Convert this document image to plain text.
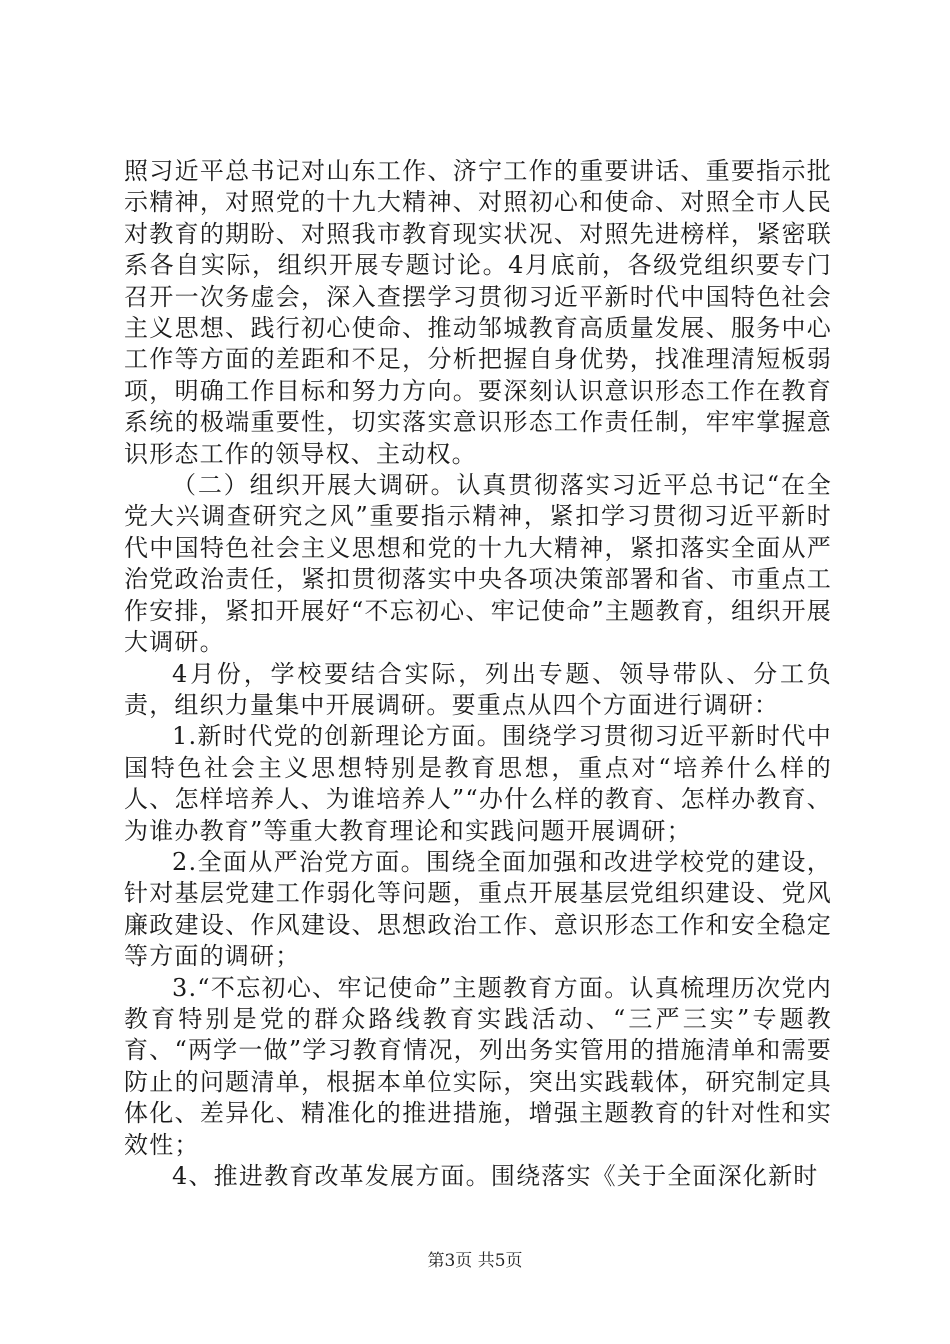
照习近平总书记对山东工作、济宁工作的重要讲话、重要指示批示精神，对照党的十九大精神、对照初心和使命、对照全市人民对教育的期盼、对照我市教育现实状况、对照先进榜样，紧密联系各自实际，组织开展专题讨论。4月底前，各级党组织要专门召开一次务虚会，深入查摆学习贯彻习近平新时代中国特色社会主义思想、践行初心使命、推动邹城教育高质量发展、服务中心工作等方面的差距和不足，分析把握自身优势，找准理清短板弱项，明确工作目标和努力方向。要深刻认识意识形态工作在教育系统的极端重要性，切实落实意识形态工作责任制，牢牢掌握意识形态工作的领导权、主动权。

（二）组织开展大调研。认真贯彻落实习近平总书记“在全党大兴调查研究之风”重要指示精神，紧扣学习贯彻习近平新时代中国特色社会主义思想和党的十九大精神，紧扣落实全面从严治党政治责任，紧扣贯彻落实中央各项决策部署和省、市重点工作安排，紧扣开展好“不忘初心、牢记使命”主题教育，组织开展大调研。

4月份，学校要结合实际，列出专题、领导带队、分工负责，组织力量集中开展调研。要重点从四个方面进行调研：

1.新时代党的创新理论方面。围绕学习贯彻习近平新时代中国特色社会主义思想特别是教育思想，重点对“培养什么样的人、怎样培养人、为谁培养人”“办什么样的教育、怎样办教育、为谁办教育”等重大教育理论和实践问题开展调研；

2.全面从严治党方面。围绕全面加强和改进学校党的建设，针对基层党建工作弱化等问题，重点开展基层党组织建设、党风廉政建设、作风建设、思想政治工作、意识形态工作和安全稳定等方面的调研；

3.“不忘初心、牢记使命”主题教育方面。认真梳理历次党内教育特别是党的群众路线教育实践活动、“三严三实”专题教育、“两学一做”学习教育情况，列出务实管用的措施清单和需要防止的问题清单，根据本单位实际，突出实践载体，研究制定具体化、差异化、精准化的推进措施，增强主题教育的针对性和实效性；

4、推进教育改革发展方面。围绕落实《关于全面深化新时

第3页 共5页
